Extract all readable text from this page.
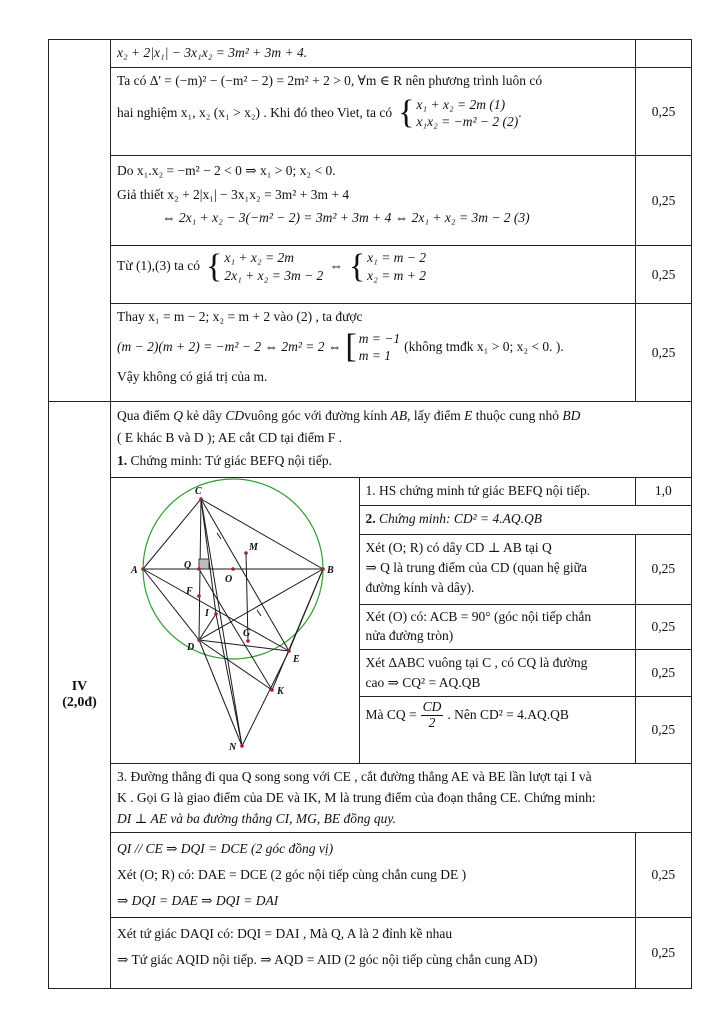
x₂ + 2|x₁| − 3x₁x₂ = 3m² + 3m + 4.

Ta có Δ' = (−m)² − (−m² − 2) = 2m² + 2 > 0, ∀m ∈ R nên phương trình luôn có
hai nghiệm x₁, x₂ (x₁ > x₂) . Khi đó theo Viet, ta có { x₁ + x₂ = 2m (1)
x₁x₂ = −m² − 2 (2)
.	0,25

Do x₁.x₂ = −m² − 2 < 0 ⇒ x₁ > 0; x₂ < 0.
Giả thiết x₂ + 2|x₁| − 3x₁x₂ = 3m² + 3m + 4
⇔ 2x₁ + x₂ − 3(−m² − 2) = 3m² + 3m + 4 ⇔ 2x₁ + x₂ = 3m − 2 (3)
	0,25

Từ (1),(3) ta có { x₁ + x₂ = 2m
2x₁ + x₂ = 3m − 2
⇔ { x₁ = m − 2
x₂ = m + 2	0,25

Thay x₁ = m − 2; x₂ = m + 2 vào (2) , ta được
(m − 2)(m + 2) = −m² − 2 ⇔ 2m² = 2 ⇔ [ m = −1
m = 1
(không tmđk x₁ > 0; x₂ < 0. ).
Vậy không có giá trị của m.
	0,25

IV
(2,0đ)

Qua điểm Q kẻ dây CDvuông góc với đường kính AB, lấy điểm E thuộc cung nhỏ BD
( E khác B và D ); AE cắt CD tại điểm F .
1. Chứng minh: Tứ giác BEFQ nội tiếp.

C
A	B
Q
O
M
F
I
D
G
E
K
N

1. HS chứng minh tứ giác BEFQ nội tiếp.	1,0

2. Chứng minh: CD² = 4.AQ.QB

Xét (O; R) có dây CD ⊥ AB tại Q
⇒ Q là trung điểm của CD (quan hệ giữa
đường kính và dây).
	0,25

Xét (O) có: ACB = 90° (góc nội tiếp chắn
nửa đường tròn)
	0,25

Xét ΔABC vuông tại C , có CQ là đường
cao ⇒ CQ² = AQ.QB
	0,25

Mà CQ = $\frac{CD}{2}$ . Nên CD² = 4.AQ.QB
	0,25

3. Đường thẳng đi qua Q song song với CE , cắt đường thẳng AE và BE lần lượt tại I và
K . Gọi G là giao điểm của DE và IK, M là trung điểm của đoạn thẳng CE. Chứng minh:
DI ⊥ AE và ba đường thẳng CI, MG, BE đồng quy.

QI // CE ⇒ DQI = DCE (2 góc đồng vị)
Xét (O; R) có: DAE = DCE (2 góc nội tiếp cùng chắn cung DE )
⇒ DQI = DAE ⇒ DQI = DAI
	0,25

Xét tứ giác DAQI có: DQI = DAI , Mà Q, A là 2 đỉnh kề nhau
⇒ Tứ giác AQID nội tiếp. ⇒ AQD = AID (2 góc nội tiếp cùng chắn cung AD)	0,25
